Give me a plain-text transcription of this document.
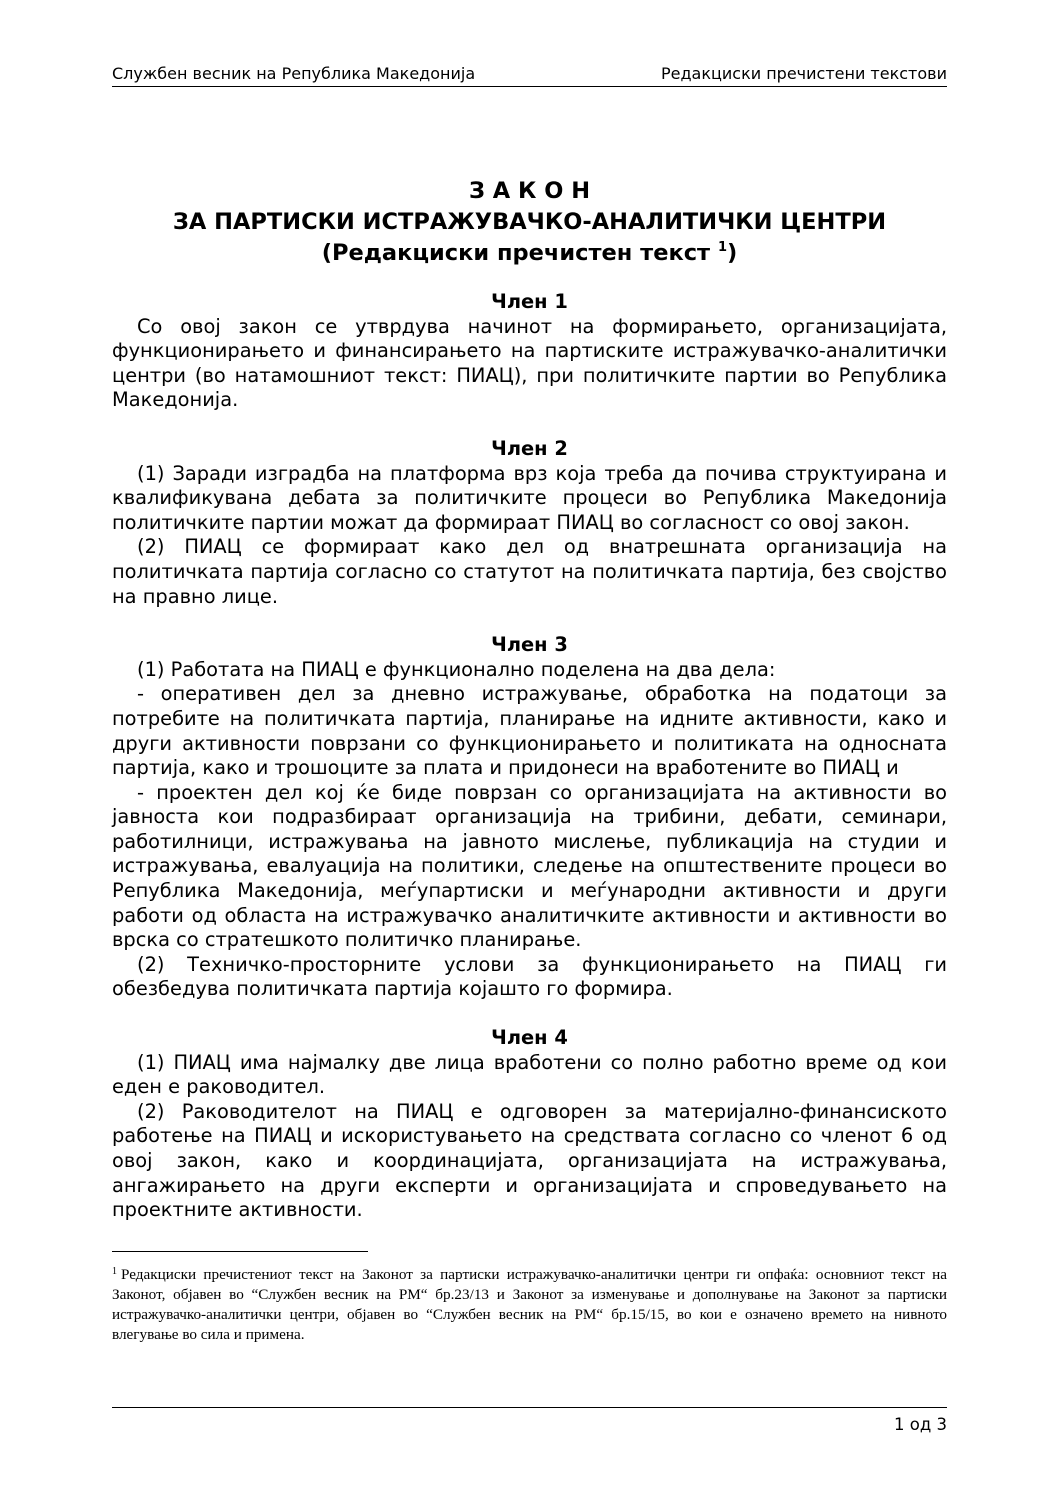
Службен весник на Република Македонија	Редакциски пречистени текстови
З А К О Н
ЗА ПАРТИСКИ ИСТРАЖУВАЧКО-АНАЛИТИЧКИ ЦЕНТРИ
(Редакциски пречистен текст $^1$)

Член 1

Со овој закон се утврдува начинот на формирањето, организацијата, функционирањето и финансирањето на партиските истражувачко-аналитички центри (во натамошниот текст: ПИАЦ), при политичките партии во Република Македонија.

Член 2

(1) Заради изградба на платформа врз која треба да почива структуирана и квалификувана дебата за политичките процеси во Република Македонија политичките партии можат да формираат ПИАЦ во согласност со овој закон.

(2) ПИАЦ се формираат како дел од внатрешната организација на политичката партија согласно со статутот на политичката партија, без својство на правно лице.

Член 3

(1) Работата на ПИАЦ е функционално поделена на два дела:

- оперативен дел за дневно истражување, обработка на податоци за потребите на политичката партија, планирање на идните активности, како и други активности поврзани со функционирањето и политиката на односната партија, како и трошоците за плата и придонеси на вработените во ПИАЦ и

- проектен дел кој ќе биде поврзан со организацијата на активности во јавноста кои подразбираат организација на трибини, дебати, семинари, работилници, истражувања на јавното мислење, публикација на студии и истражувања, евалуација на политики, следење на општествените процеси во Република Македонија, меѓупартиски и меѓународни активности и други работи од областа на истражувачко аналитичките активности и активности во врска со стратешкото политичко планирање.

(2) Техничко-просторните услови за функционирањето на ПИАЦ ги обезбедува политичката партија којашто го формира.

Член 4

(1) ПИАЦ има најмалку две лица вработени со полно работно време од кои еден е раководител.

(2) Раководителот на ПИАЦ е одговорен за материјално-финансиското работење на ПИАЦ и искористувањето на средствата согласно со членот 6 од овој закон, како и координацијата, организацијата на истражувања, ангажирањето на други експерти и организацијата и спроведувањето на проектните активности.

$^1$ Редакциски пречистениот текст на Законот за партиски истражувачко-аналитички центри ги опфаќа: основниот текст на Законот, објавен во “Службен весник на РМ“ бр.23/13 и Законот за изменување и дополнување на Законот за партиски истражувачко-аналитички центри, објавен во “Службен весник на РМ“ бр.15/15, во кои е означено времето на нивното влегување во сила и примена.
1 од 3
